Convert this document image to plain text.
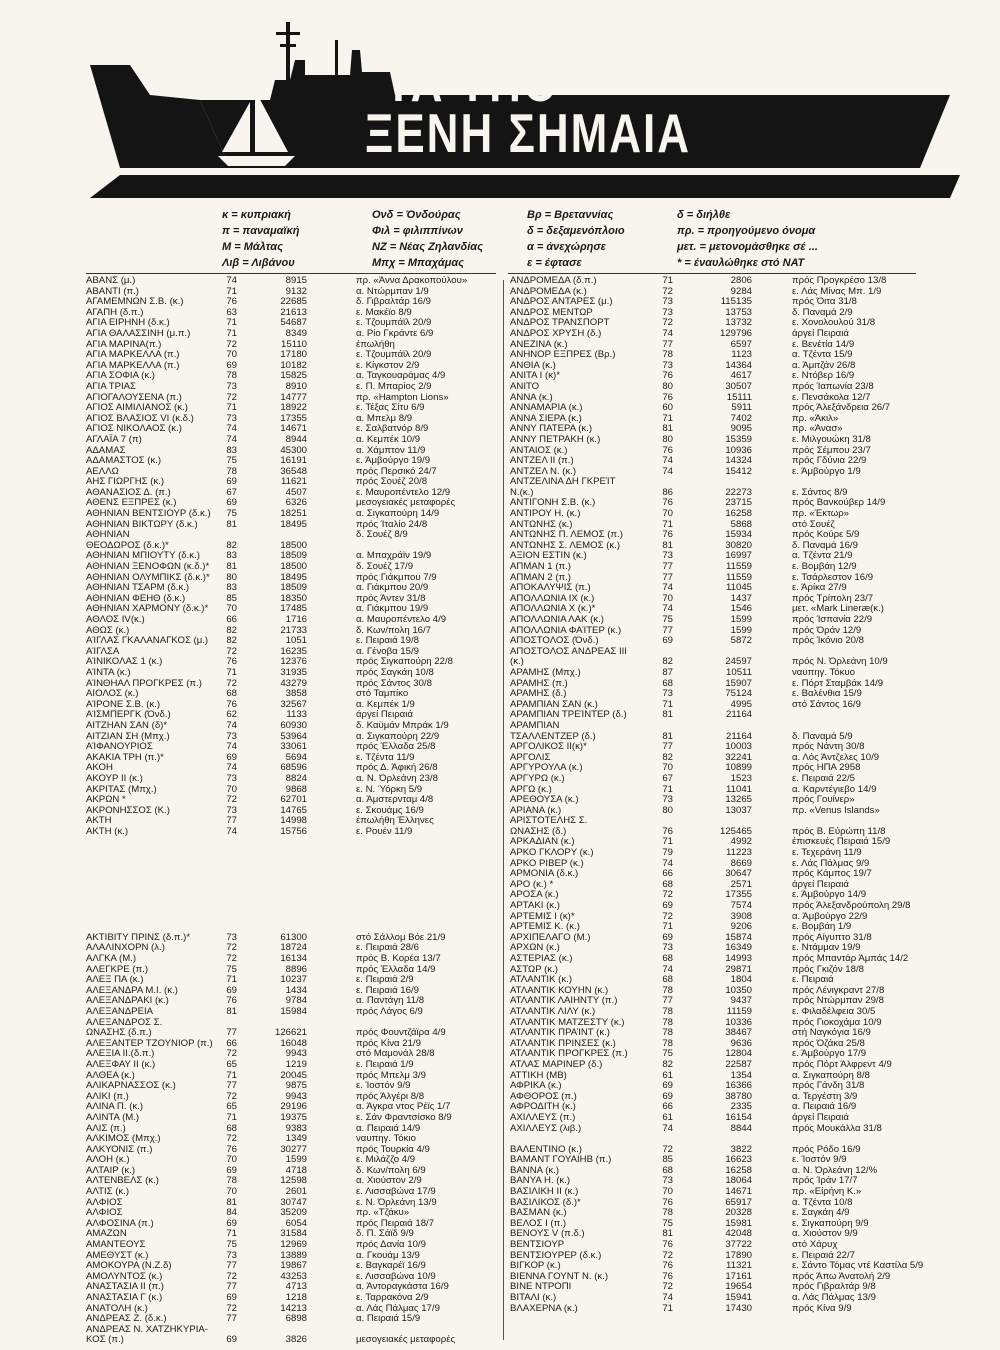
ΤΑ ΥΠΟ
ΞΕΝΗ ΣΗΜΑΙΑ
κ = κυπριακή
π = παναμαϊκή
Μ = Μάλτας
Λιβ = Λιβάνου
Ονδ = Όνδούρας
Φιλ = φιλιππίνων
ΝΖ = Νέας Ζηλανδίας
Μπχ = Μπαχάμας
Βρ = Βρεταννίας
δ = δεξαμενόπλοιο
α = άνεχώρησε
ε = έφτασε
δ = διήλθε
πρ. = προηγούμενο όνομα
μετ. = μετονομάσθηκε σέ ...
* = έναυλώθηκε στό ΝΑΤ
ΑΒΑΝΣ (μ.)	74	8915	πρ. «Άννα Δρακοπούλου»
ΑΒΑΝΤΙ (π.)	71	9132	α. Ντώρμπαν 1/9
ΑΓΑΜΕΜΝΩΝ Σ.Β. (κ.)	76	22685	δ. Γιβραλτάρ 16/9
ΑΓΑΠΗ (δ.π.)	63	21613	ε. Μακέϊο 8/9
ΑΓΙΑ ΕΙΡΗΝΗ (δ.κ.)	71	54687	ε. Τζουμπάϊλ 20/9
ΑΓΙΑ ΘΑΛΑΣΣΙΝΗ (μ.π.)	71	8349	α. Ρίο Γκράντε 6/9
ΑΓΙΑ ΜΑΡΙΝΑ(π.)	72	15110	έπωλήθη
ΑΓΙΑ ΜΑΡΚΕΛΛΑ (π.)	70	17180	ε. Τζουμπάϊλ 20/9
ΑΓΙΑ ΜΑΡΚΕΛΛΑ (π.)	69	10182	ε. Κίγκστον 2/9
ΑΓΙΑ ΣΟΦΙΑ (κ.)	78	15825	α. Ταγκουαράμας 4/9
ΑΓΙΑ ΤΡΙΑΣ	73	8910	ε. Π. Μπαρίος 2/9
ΑΓΙΟΓΑΛΟΥΣΕΝΑ (π.)	72	14777	πρ. «Hampton Lions»
ΑΓΙΟΣ ΑΙΜΙΛΙΑΝΟΣ (κ.)	71	18922	ε. Τέξας Σίτυ 6/9
ΑΓΙΟΣ ΒΛΑΣΙΟΣ VI (κ.δ.)	73	17355	α. Μπελμ 8/9
ΑΓΙΟΣ ΝΙΚΟΛΑΟΣ (κ.)	74	14671	ε. Σαλβατνόρ 8/9
ΑΓΛΑΪΑ 7 (π)	74	8944	α. Κεμπέκ 10/9
ΑΔΑΜΑΣ	83	45300	α. Χάμπτον 11/9
ΑΔΑΜΑΣΤΟΣ (κ.)	75	16191	ε. Άμβούργο 19/9
ΑΕΛΛΩ	78	36548	πρός Περσικό 24/7
ΑΗΣ ΓΙΩΡΓΗΣ (κ.)	69	11621	πρός Σουέζ 20/8
ΑΘΑΝΑΣΙΟΣ Δ. (π.)	67	4507	ε. Μαυροπέντελο 12/9
ΑΘΕΝΣ ΕΞΠΡΕΣ (κ.)	69	6326	μεσογειακές μεταφορές
ΑΘΗΝΙΑΝ ΒΕΝΤΣΙΟΥΡ (δ.κ.)	75	18251	α. Σιγκαπούρη 14/9
ΑΘΗΝΙΑΝ ΒΙΚΤΩΡΥ (δ.κ.)	81	18495	πρός Ίταλίο 24/8
ΑΘΗΝΙΑΝ	δ. Σουέζ 8/9
ΘΕΟΔΩΡΟΣ (δ.κ.)*	82	18500
ΑΘΗΝΙΑΝ ΜΠΙΟΥΤΥ (δ.κ.)	83	18509	α. Μπαχράϊν 19/9
ΑΘΗΝΙΑΝ ΞΕΝΟΦΩΝ (κ.δ.)*	81	18500	δ. Σουέζ 17/9
ΑΘΗΝΙΑΝ ΟΛΥΜΠΙΚΣ (δ.κ.)*	80	18495	πρός Γιάκμπου 7/9
ΑΘΗΝΙΑΝ ΤΣΑΡΜ (δ.κ.)	83	18509	α. Γιάκμπου 20/9
ΑΘΗΝΙΑΝ ΦΕΗΘ (δ.κ.)	85	18350	πρός Άντεν 31/8
ΑΘΗΝΙΑΝ ΧΑΡΜΟΝΥ (δ.κ.)*	70	17485	α. Γιάκμπου 19/9
ΑΘΛΟΣ IV(κ.)	66	1716	α. Μαυροπέντελο 4/9
ΑΘΩΣ (κ.)	82	21733	δ. Κων/πολη 16/7
ΑΊΓΛΑΣ ΓΚΑΛΑΝΑΓΚΟΣ (μ.)	82	1051	ε. Πειραιά 19/8
ΑΊΓΛΣΑ	72	16235	α. Γένοβα 15/9
ΑΊΝΙΚΟΛΑΣ 1 (κ.)	76	12376	πρός Σιγκαπούρη 22/8
ΑΊΝΤΑ (κ.)	71	31935	πρός Σαγκάη 10/8
ΑΊΝΘΗΑΛ ΠΡΟΓΚΡΕΣ (π.)	72	43279	πρός Σάντος 30/8
ΑΙΟΛΟΣ (κ.)	68	3858	στό Ταμπίκο
ΑΊΡΟΝΕ Σ.Β. (κ.)	76	32567	α. Κεμπέκ 1/9
ΑΊΣΜΠΕΡΓΚ (Όνδ.)	62	1133	άργεί Πειραιά
ΑΙΤΖΗΑΝ ΣΑΝ (δ)*	74	60930	δ. Καϋμάν Μπράκ 1/9
ΑΙΤΖΙΑΝ ΣΗ (Μπχ.)	73	53964	α. Σιγκαπούρη 22/9
ΑΊΦΑΝΟΥΡΙΟΣ	74	33061	πρός Έλλαδα 25/8
ΑΚΑΚΙΑ ΤΡΗ (π.)*	69	5694	ε. Τζέντα 11/9
ΑΚΟΗ	74	68596	πρός Δ. Άφική 26/8
ΑΚΟΥΡ ΙΙ (κ.)	73	8824	α. Ν. Όρλεάνη 23/8
ΑΚΡΙΤΑΣ (Μπχ.)	70	9868	ε. Ν. Ύόρκη 5/9
ΑΚΡΩΝ *	72	62701	α. Άμστερνταμ 4/8
ΑΚΡΟΝΗΣΣΟΣ (Κ.)	73	14765	ε. Σκουάμς 16/9
ΑΚΤΗ	77	14998	έπωλήθη Έλληνες
ΑΚΤΗ (κ.)	74	15756	ε. Ρουέν 11/9
ΑΚΤΙΒΙΤΥ ΠΡΙΝΣ (δ.π.)*	73	61300	στό Σάλλομ Βόε 21/9
ΑΛΑΛΙΝΧΟΡΝ (λ.)	72	18724	ε. Πειραιά 28/6
ΑΛΓΚΑ (Μ.)	72	16134	πρός Β. Κορέα 13/7
ΑΛΕΓΚΡΕ (π.)	75	8896	πρός Έλλαδα 14/9
ΑΛΕΞ ΠΑ (κ.)	71	10237	ε. Πειραιά 2/9
ΑΛΕΞΑΝΔΡΑ Μ.Ι. (κ.)	69	1434	ε. Πειραιά 16/9
ΑΛΕΞΑΝΔΡΑΚΙ (κ.)	76	9784	α. Παντάγη 11/8
ΑΛΕΞΑΝΔΡΕΙΑ	81	15984	πρός Λάγος 6/9
ΑΛΕΞΑΝΔΡΟΣ Σ.
ΩΝΑΣΗΣ (δ.π.)	77	126621	πρός Φουντζάϊρα 4/9
ΑΛΕΞΑΝΤΕΡ ΤΖΟΥΝΙΟΡ (π.)	66	16048	πρός Κίνα 21/9
ΑΛΕΞΙΑ ΙΙ.(δ.π.)	72	9943	στό Μαμονάλ 28/8
ΑΛΕΞΦΑΥ ΙΙ (κ.)	65	1219	ε. Πειραιά 1/9
ΑΛΘΕΑ (κ.)	71	20045	πρός Μπελμ 3/9
ΑΛΙΚΑΡΝΑΣΣΟΣ (κ.)	77	9875	ε. Ίοστόν 9/9
ΑΛΙΚΙ (π.)	72	9943	πρός Άλγέρι 8/8
ΑΛΙΝΑ Π. (κ.)	65	29196	α. Άγκρα ντος Ρέϊς 1/7
ΑΛΙΝΤΑ (Μ.)	71	19375	ε. Σάν Φραντσίσκο 8/9
ΑΛΙΣ (π.)	68	9383	α. Πειραιά 14/9
ΑΛΚΙΜΟΣ (Μπχ.)	72	1349	ναυπηγ. Τόκιο
ΑΛΚΥΟΝΙΣ (π.)	76	30277	πρός Τουρκία 4/9
ΑΛΟΗ (κ.)	70	1599	ε. Μιλάζζο 4/9
ΑΛΤΑΙΡ (κ.)	69	4718	δ. Κων/πολη 6/9
ΑΛΤΕΝΒΕΛΣ (κ.)	78	12598	α. Χιούστον 2/9
ΑΛΤΙΣ (κ.)	70	2601	ε. Λισσαβώνα 17/9
ΑΛΦΙΟΣ	81	30747	ε. Ν. Όρλεάνη 13/9
ΑΛΦΙΟΣ	84	35209	πρ. «Τζάκυ»
ΑΛΦΟΣΙΝΑ (π.)	69	6054	πρός Πειραιά 18/7
ΑΜΑΖΩΝ	71	31584	δ. Π. Σάϊδ 9/9
ΑΜΑΝΤΕΟΥΣ	75	12969	πρός Δανία 10/9
ΑΜΕΘΥΣΤ (κ.)	73	13889	α. Γκουάμ 13/9
ΑΜΟΚΟΥΡΑ (Ν.Ζ.δ)	77	19867	ε. Βαγκαρέϊ 16/9
ΑΜΟΛΥΝΤΟΣ (κ.)	72	43253	ε. Λισσαβώνα 10/9
ΑΝΑΣΤΑΣΙΑ ΙΙ (π.)	77	4713	α. Άντοραγκάστα 16/9
ΑΝΑΣΤΑΣΙΑ Γ (κ.)	69	1218	ε. Ταρρακόνα 2/9
ΑΝΑΤΟΛΗ (κ.)	72	14213	α. Λάς Πάλμας 17/9
ΑΝΔΡΕΑΣ Ζ. (δ.κ.)	77	6898	α. Πειραιά 15/9
ΑΝΔΡΕΑΣ Ν. ΧΑΤΖΗΚΥΡΙΑ-
ΚΟΣ (π.)	69	3826	μεσογειακές μεταφορές
ΑΝΔΡΟΜΕΔΑ (δ.π.)	71	2806	πρός Προγκρέσο 13/8
ΑΝΔΡΟΜΕΔΑ (κ.)	72	9284	ε. Λάς Μίνας Μπ. 1/9
ΑΝΔΡΟΣ ΑΝΤΑΡΕΣ (μ.)	73	115135	πρός Όιτα 31/8
ΑΝΔΡΟΣ ΜΕΝΤΩΡ	73	13753	δ. Παναμά 2/9
ΑΝΔΡΟΣ ΤΡΑΝΣΠΟΡΤ	72	13732	ε. Χονολουλού 31/8
ΑΝΔΡΟΣ ΧΡΥΣΗ (δ.)	74	129796	άργεί Πειραιά
ΑΝΕΖΙΝΑ (κ.)	77	6597	ε. Βενέτία 14/9
ΑΝΗΝΟΡ ΕΞΠΡΕΣ (Βρ.)	78	1123	α. Τζέντα 15/9
ΑΝΘΙΑ (κ.)	73	14364	α. Άμιτζάν 26/8
ΑΝΙΤΑ Ι (κ)*	76	4617	ε. Ντόβερ 16/9
ΑΝΙΤΟ	80	30507	πρός Ίαπωνία 23/8
ΑΝΝΑ (κ.)	76	15111	ε. Πενσάκολα 12/7
ΑΝΝΑΜΑΡΙΑ (κ.)	60	5911	πρός Άλεξάνδρεια 26/7
ΑΝΝΑ ΣΙΕΡΑ (κ.)	71	7402	πρ. «Άκιλ»
ΑΝΝΥ ΠΑΤΕΡΑ (κ.)	81	9095	πρ. «Άνασ»
ΑΝΝΥ ΠΕΤΡΑΚΗ (κ.)	80	15359	ε. Μιλγουώκη 31/8
ΑΝΤΑΙΟΣ (κ.)	76	10936	πρός Σέμπου 23/7
ΑΝΤΖΕΛ ΙΙ (π.)	74	14324	πρός Γδύνια 22/9
ΑΝΤΖΕΛ Ν. (κ.)	74	15412	ε. Άμβούργο 1/9
ΑΝΤΖΕΛΙΝΑ ΔΗ ΓΚΡΕΊΤ
Ν.(κ.)	86	22273	ε. Σάντος 8/9
ΑΝΤΙΓΟΝΗ Σ.Β. (κ.)	76	23715	πρός Βανκούβερ 14/9
ΑΝΤΙΡΟΥ Η. (κ.)	70	16258	πρ. «Έκτωρ»
ΑΝΤΩΝΗΣ (κ.)	71	5868	στό Σουέζ
ΑΝΤΩΝΗΣ Π. ΛΕΜΟΣ (π.)	76	15934	πρός Κούρε 5/9
ΑΝΤΩΝΗΣ Σ. ΛΕΜΟΣ (κ.)	81	30820	δ. Παναμά 16/9
ΑΞΙΟΝ ΕΣΤΙΝ (κ.)	73	16997	α. Τζέντα 21/9
ΑΠΜΑΝ 1 (π.)	77	11559	ε. Βομβάη 12/9
ΑΠΜΑΝ 2 (π.)	77	11559	ε. Τσάρλεστον 16/9
ΑΠΟΚΑΛΥΨΙΣ (π.)	74	11045	ε. Άρίκα 27/9
ΑΠΟΛΛΩΝΙΑ ΙΧ (κ.)	70	1437	πρός Τρίπολη 23/7
ΑΠΟΛΛΩΝΙΑ Χ (κ.)*	74	1546	μετ. «Mark Lineræ(κ.)
ΑΠΟΛΛΩΝΙΑ ΛΑΚ (κ.)	75	1599	πρός Ίσπανία 22/9
ΑΠΟΛΛΩΝΙΑ ΦΑΊΤΕΡ (κ.)	77	1599	πρός Όράν 12/9
ΑΠΟΣΤΟΛΟΣ (Όνδ.)	69	5872	πρός Ίκόνιο 20/8
ΑΠΟΣΤΟΛΟΣ ΑΝΔΡΕΑΣ ΙΙΙ
(κ.)	82	24597	πρός Ν. Όρλεάνη 10/9
ΑΡΑΜΗΣ (Μπχ.)	87	10511	ναυπηγ. Τόκυο
ΑΡΑΜΗΣ (π.)	68	15907	ε. Πόρτ Σταμβάκ 14/9
ΑΡΑΜΗΣ (δ.)	73	75124	ε. Βαλένθια 15/9
ΑΡΑΜΠΙΑΝ ΣΑΝ (κ.)	71	4995	στό Σάντος 16/9
ΑΡΑΜΠΙΑΝ ΤΡΕΊΝΤΕΡ (δ.)	81	21164
ΑΡΑΜΠΙΑΝ
ΤΣΑΛΛΕΝΤΖΕΡ (δ.)	81	21164	δ. Παναμά 5/9
ΑΡΓΟΛΙΚΟΣ ΙΙ(κ)*	77	10003	πρός Νάντη 30/8
ΑΡΓΟΛΙΣ	82	32241	α. Λός Άντζελες 10/9
ΑΡΓΥΡΟΥΛΑ (κ.)	70	10899	πρός ΗΠΑ 2958
ΑΡΓΥΡΩ (κ.)	67	1523	ε. Πειραιά 22/5
ΑΡΓΩ (κ.)	71	11041	α. Καρντέγιεβο 14/9
ΑΡΕΘΟΥΣΑ (κ.)	73	13265	πρός Γουίνερ»
ΑΡΙΑΝΑ (κ.)	80	13037	πρ. «Venus Islands»
ΑΡΙΣΤΟΤΕΛΗΣ Σ.
ΩΝΑΣΗΣ (δ.)	76	125465	πρός Β. Εύρώπη 11/8
ΑΡΚΑΔΙΑΝ (κ.)	71	4992	έπισκευές Πειραιά 15/9
ΑΡΚΟ ΓΚΛΟΡΥ (κ.)	79	11223	ε. Τεχεράνη 11/9
ΑΡΚΟ ΡΙΒΕΡ (κ.)	74	8669	ε. Λάς Πάλμας 9/9
ΑΡΜΟΝΙΑ (δ.κ.)	66	30647	πρός Κάμπος 19/7
ΑΡΟ (κ.) *	68	2571	άργεί Πειραιά
ΑΡΟΣΑ (κ.)	72	17355	ε. Άμβούργο 14/9
ΑΡΤΑΚΙ (κ.)	69	7574	πρός Άλεξανδρούπολη 29/8
ΑΡΤΕΜΙΣ Ι (κ)*	72	3908	α. Άμβούργο 22/9
ΑΡΤΕΜΙΣ Κ. (κ.)	71	9206	ε. Βομβάη 1/9
ΑΡΧΙΠΕΛΑΓΟ (Μ.)	69	15874	πρός Αίγυπτο 31/8
ΑΡΧΩΝ (κ.)	73	16349	ε. Ντάμμαν 19/9
ΑΣΤΕΡΙΑΣ (κ.)	68	14993	πρός Μπαντάρ Άμπάς 14/2
ΑΣΤΩΡ (κ.)	74	29871	πρός Γκιζόν 18/8
ΑΤΛΑΝΤΙΚ (κ.)	68	1804	ε. Πειραιά
ΑΤΛΑΝΤΙΚ ΚΟΥΗΝ (κ.)	78	10350	πρός Λένιγκραντ 27/8
ΑΤΛΑΝΤΙΚ ΛΑΙΗΝΤΥ (π.)	77	9437	πρός Ντώρμπαν 29/8
ΑΤΛΑΝΤΙΚ ΛΙΛΥ (κ.)	78	11159	ε. Φιλαδέλφεια 30/5
ΑΤΛΑΝΤΙΚ ΜΑΤΖΕΣΤΥ (κ.)	78	10336	πρός Γιοκοχάμα 10/9
ΑΤΛΑΝΤΙΚ ΠΡΑΊΝΤ (κ.)	78	38467	στή Ναγκόγια 16/9
ΑΤΛΑΝΤΙΚ ΠΡΙΝΣΕΣ (κ.)	78	9636	πρός Όζάκα 25/8
ΑΤΛΑΝΤΙΚ ΠΡΟΓΚΡΕΣ (π.)	75	12804	ε. Άμβούργο 17/9
ΑΤΛΑΣ ΜΑΡΙΝΕΡ (δ.)	82	22587	πρός Πόρτ Άλφρεντ 4/9
ΑΤΤΙΚΗ (ΜΒ)	61	1354	α. Σιγκαπούρη 8/8
ΑΦΡΙΚΑ (κ.)	69	16366	πρός Γάνδη 31/8
ΑΦΘΟΡΟΣ (π.)	69	38780	α. Τεργέστη 3/9
ΑΦΡΟΔΙΤΗ (κ.)	66	2335	α. Πειραιά 16/9
ΑΧΙΛΛΕΥΣ (π.)	61	16154	άργεί Πειραιά
ΑΧΙΛΛΕΥΣ (λιβ.)	74	8844	πρός Μουκάλλα 31/8
ΒΑΛΕΝΤΙΝΟ (κ.)	72	3822	πρός Ρόδο 16/9
ΒΑΜΑΝΤ ΓΟΥΑΙΗΒ (π.)	85	16623	ε. Ίοστόν 9/9
ΒΑΝΝΑ (κ.)	68	16258	α. Ν. Όρλεάνη 12/%
ΒΑΝΥΑ Η. (κ.)	73	18064	πρός Ίράν 17/7
ΒΑΣΙΛΙΚΗ ΙΙ (κ.)	70	14671	πρ. «Είρήνη Κ.»
ΒΑΣΙΛΙΚΟΣ (δ.)*	76	65917	α. Τζέντα 10/8
ΒΑΣΜΑΝ (κ.)	78	20328	ε. Σαγκάη 4/9
ΒΕΛΟΣ Ι (π.)	75	15981	ε. Σιγκαπούρη 9/9
ΒΕΝΟΥΣ V (π.δ.)	81	42048	α. Χιούστον 9/9
ΒΕΝΤΣΙΟΥΡ	76	37722	στό Χάρυχ
ΒΕΝΤΣΙΟΥΡΕΡ (δ.κ.)	72	17890	ε. Πειραιά 22/7
ΒΙΓΚΟΡ (κ.)	76	11321	ε. Σάντο Τόμας ντέ Καστίλα 5/9
ΒΙΕΝΝΑ ΓΟΥΝΤ Ν. (κ.)	76	17161	πρός Άπω Άνατολή 2/9
ΒΙΝΕ ΝΤΡΟΠΙ	72	19654	πρός Γιβραλτάρ 9/8
ΒΙΤΑΛΙ (κ.)	74	15941	α. Λάς Πάλμας 13/9
ΒΛΑΧΕΡΝΑ (κ.)	71	17430	πρός Κίνα 9/9
